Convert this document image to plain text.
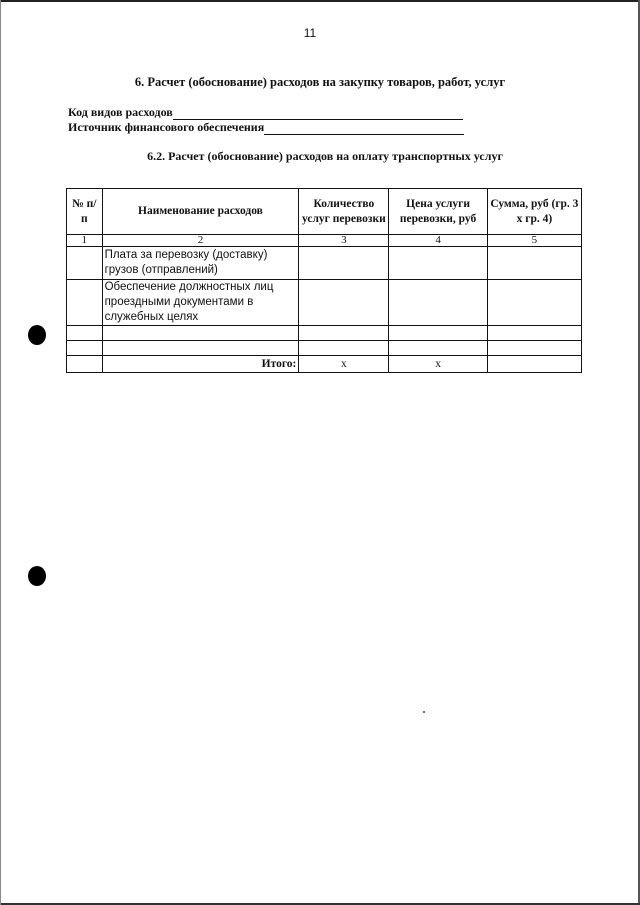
11
6. Расчет (обоснование) расходов на закупку товаров, работ, услуг
Код видов расходов
Источник финансового обеспечения
6.2. Расчет (обоснование) расходов на оплату транспортных услуг
№ п/п	Наименование расходов	Количество услуг перевозки	Цена услуги перевозки, руб	Сумма, руб (гр. 3 x гр. 4)
1	2	3	4	5
	Плата за перевозку (доставку) грузов (отправлений)			
	Обеспечение должностных лиц проездными документами в служебных целях			

	Итого:	x	x	
